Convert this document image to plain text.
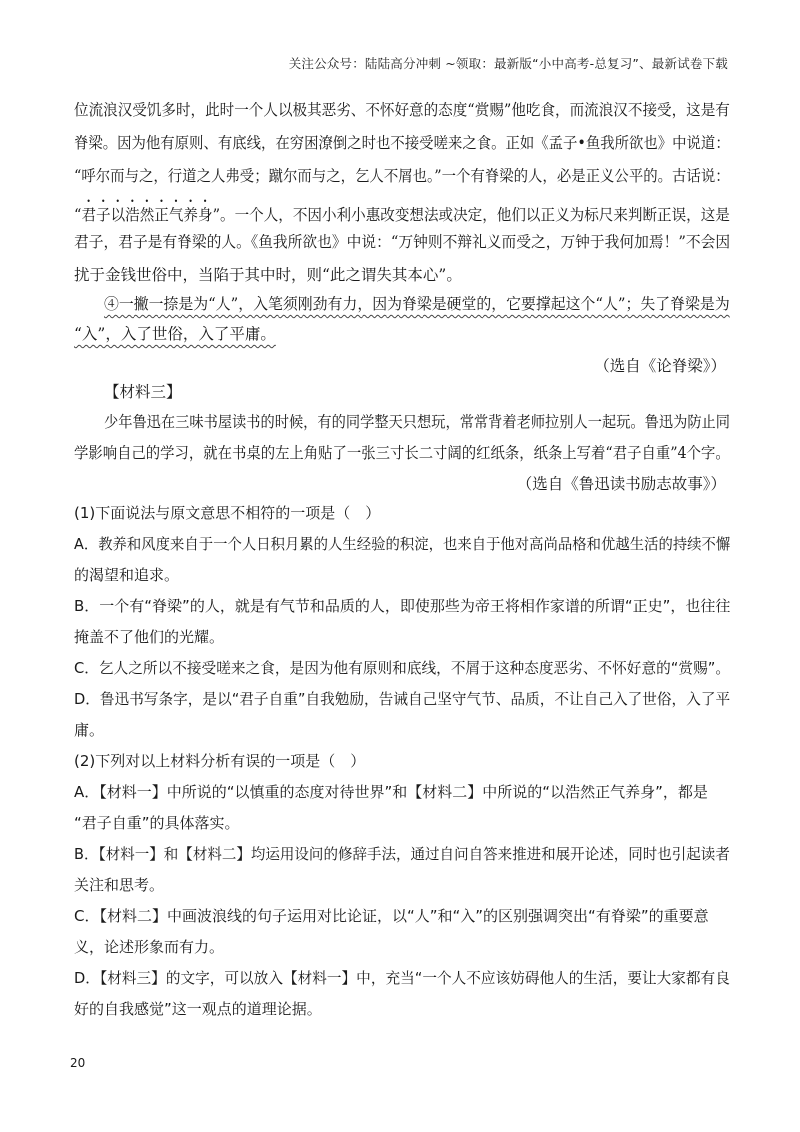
关注公众号：陆陆高分冲刺 ~领取：最新版“小中高考-总复习”、最新试卷下载
位流浪汉受饥多时，此时一个人以极其恶劣、不怀好意的态度“赏赐”他吃食，而流浪汉不接受，这是有
脊梁。因为他有原则、有底线，在穷困潦倒之时也不接受嗟来之食。正如《孟子•鱼我所欲也》中说道：
“呼尔而与之，行道之人弗受；蹴尔而与之，乞人不屑也。”一个有脊梁的人，必是正义公平的。古话说：
“君子以浩然正气养身”。一个人，不因小利小惠改变想法或决定，他们以正义为标尺来判断正误，这是
君子，君子是有脊梁的人。《鱼我所欲也》中说：“万钟则不辩礼义而受之，万钟于我何加焉！”不会因
扰于金钱世俗中，当陷于其中时，则“此之谓失其本心”。
④一撇一捺是为“人”，入笔须刚劲有力，因为脊梁是硬堂的，它要撑起这个“人”；失了脊梁是为
“入”，入了世俗，入了平庸。
（选自《论脊梁》）
【材料三】
少年鲁迅在三味书屋读书的时候，有的同学整天只想玩，常常背着老师拉别人一起玩。鲁迅为防止同
学影响自己的学习，就在书桌的左上角贴了一张三寸长二寸阔的红纸条，纸条上写着“君子自重”4个字。
（选自《鲁迅读书励志故事》）
(1)下面说法与原文意思不相符的一项是（　）
A．教养和风度来自于一个人日积月累的人生经验的积淀，也来自于他对高尚品格和优越生活的持续不懈
的渴望和追求。
B．一个有“脊梁”的人，就是有气节和品质的人，即使那些为帝王将相作家谱的所谓“正史”，也往往
掩盖不了他们的光耀。
C．乞人之所以不接受嗟来之食，是因为他有原则和底线，不屑于这种态度恶劣、不怀好意的“赏赐”。
D．鲁迅书写条字，是以“君子自重”自我勉励，告诫自己坚守气节、品质，不让自己入了世俗，入了平
庸。
(2)下列对以上材料分析有误的一项是（　）
A．【材料一】中所说的“以慎重的态度对待世界”和【材料二】中所说的“以浩然正气养身”，都是
“君子自重”的具体落实。
B．【材料一】和【材料二】均运用设问的修辞手法，通过自问自答来推进和展开论述，同时也引起读者
关注和思考。
C．【材料二】中画波浪线的句子运用对比论证，以“人”和“入”的区别强调突出“有脊梁”的重要意
义，论述形象而有力。
D．【材料三】的文字，可以放入【材料一】中，充当“一个人不应该妨碍他人的生活，要让大家都有良
好的自我感觉”这一观点的道理论据。
20
